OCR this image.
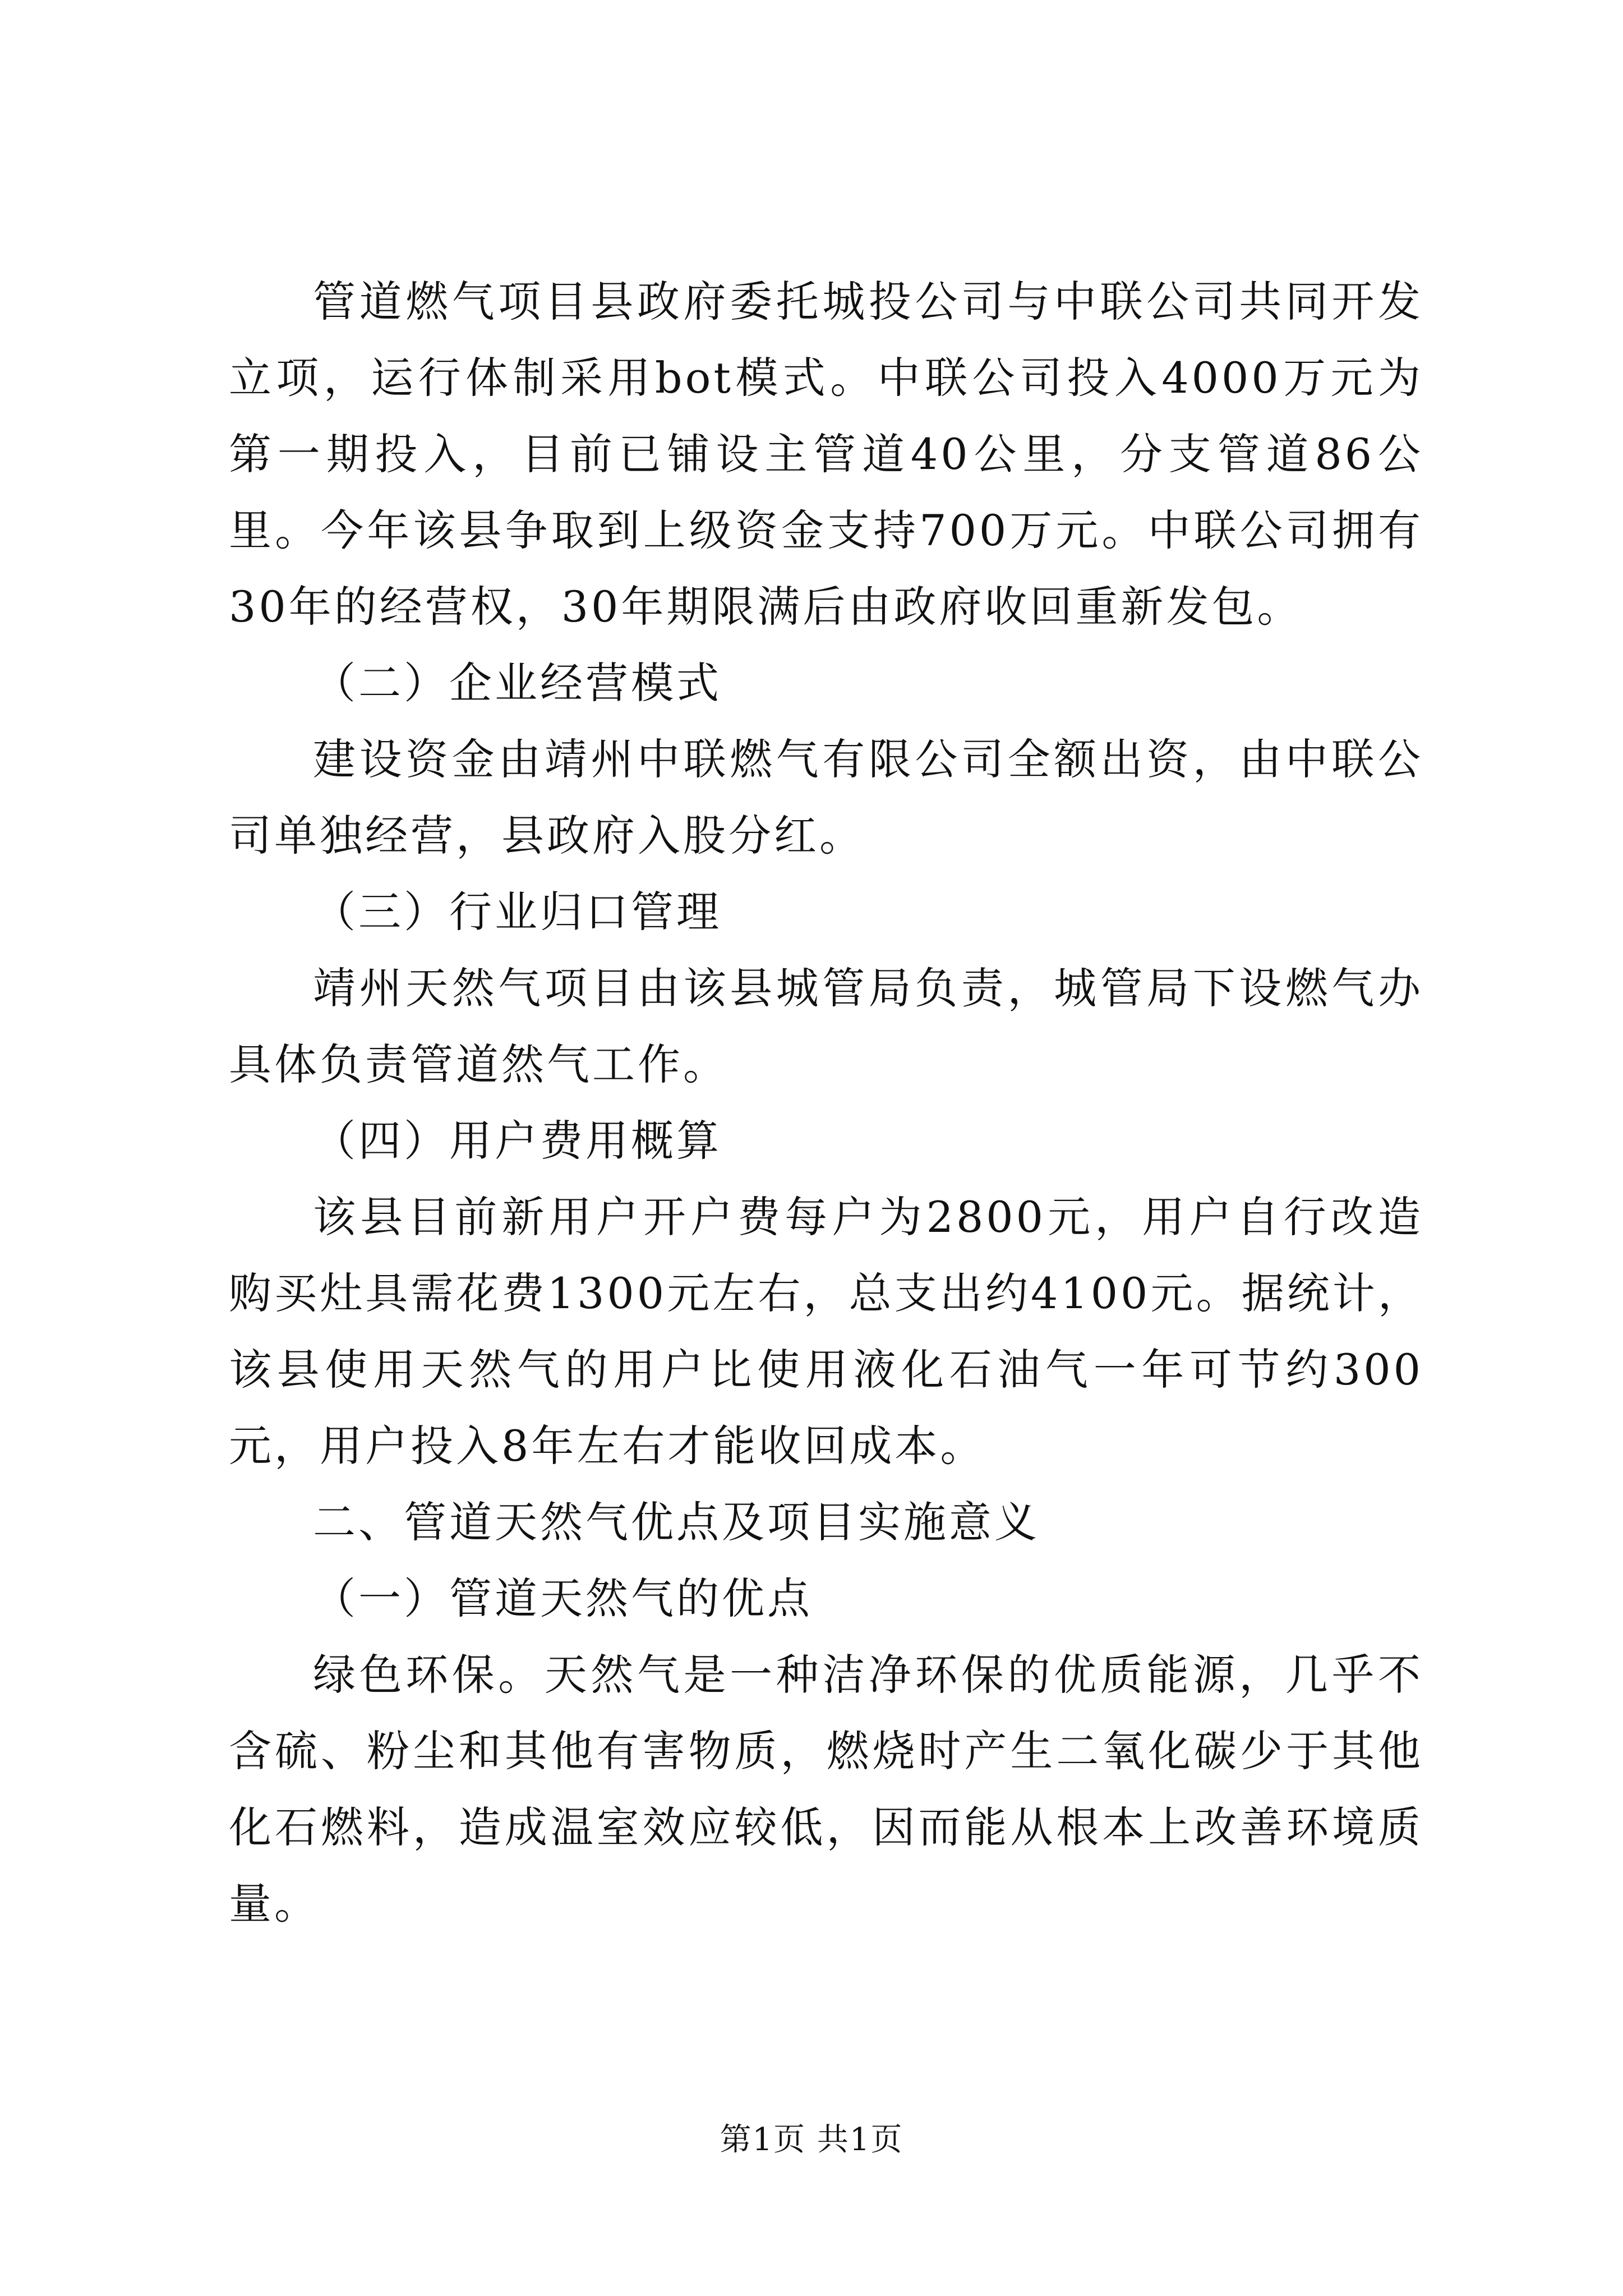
管道燃气项目县政府委托城投公司与中联公司共同开发立项，运行体制采用bot模式。中联公司投入4000万元为第一期投入，目前已铺设主管道40公里，分支管道86公里。今年该县争取到上级资金支持700万元。中联公司拥有30年的经营权，30年期限满后由政府收回重新发包。

（二）企业经营模式

建设资金由靖州中联燃气有限公司全额出资，由中联公司单独经营，县政府入股分红。

（三）行业归口管理

靖州天然气项目由该县城管局负责，城管局下设燃气办具体负责管道然气工作。

（四）用户费用概算

该县目前新用户开户费每户为2800元，用户自行改造购买灶具需花费1300元左右，总支出约4100元。据统计，该县使用天然气的用户比使用液化石油气一年可节约300元，用户投入8年左右才能收回成本。

二、管道天然气优点及项目实施意义

（一）管道天然气的优点

绿色环保。天然气是一种洁净环保的优质能源，几乎不含硫、粉尘和其他有害物质，燃烧时产生二氧化碳少于其他化石燃料，造成温室效应较低，因而能从根本上改善环境质量。

第1页 共1页
